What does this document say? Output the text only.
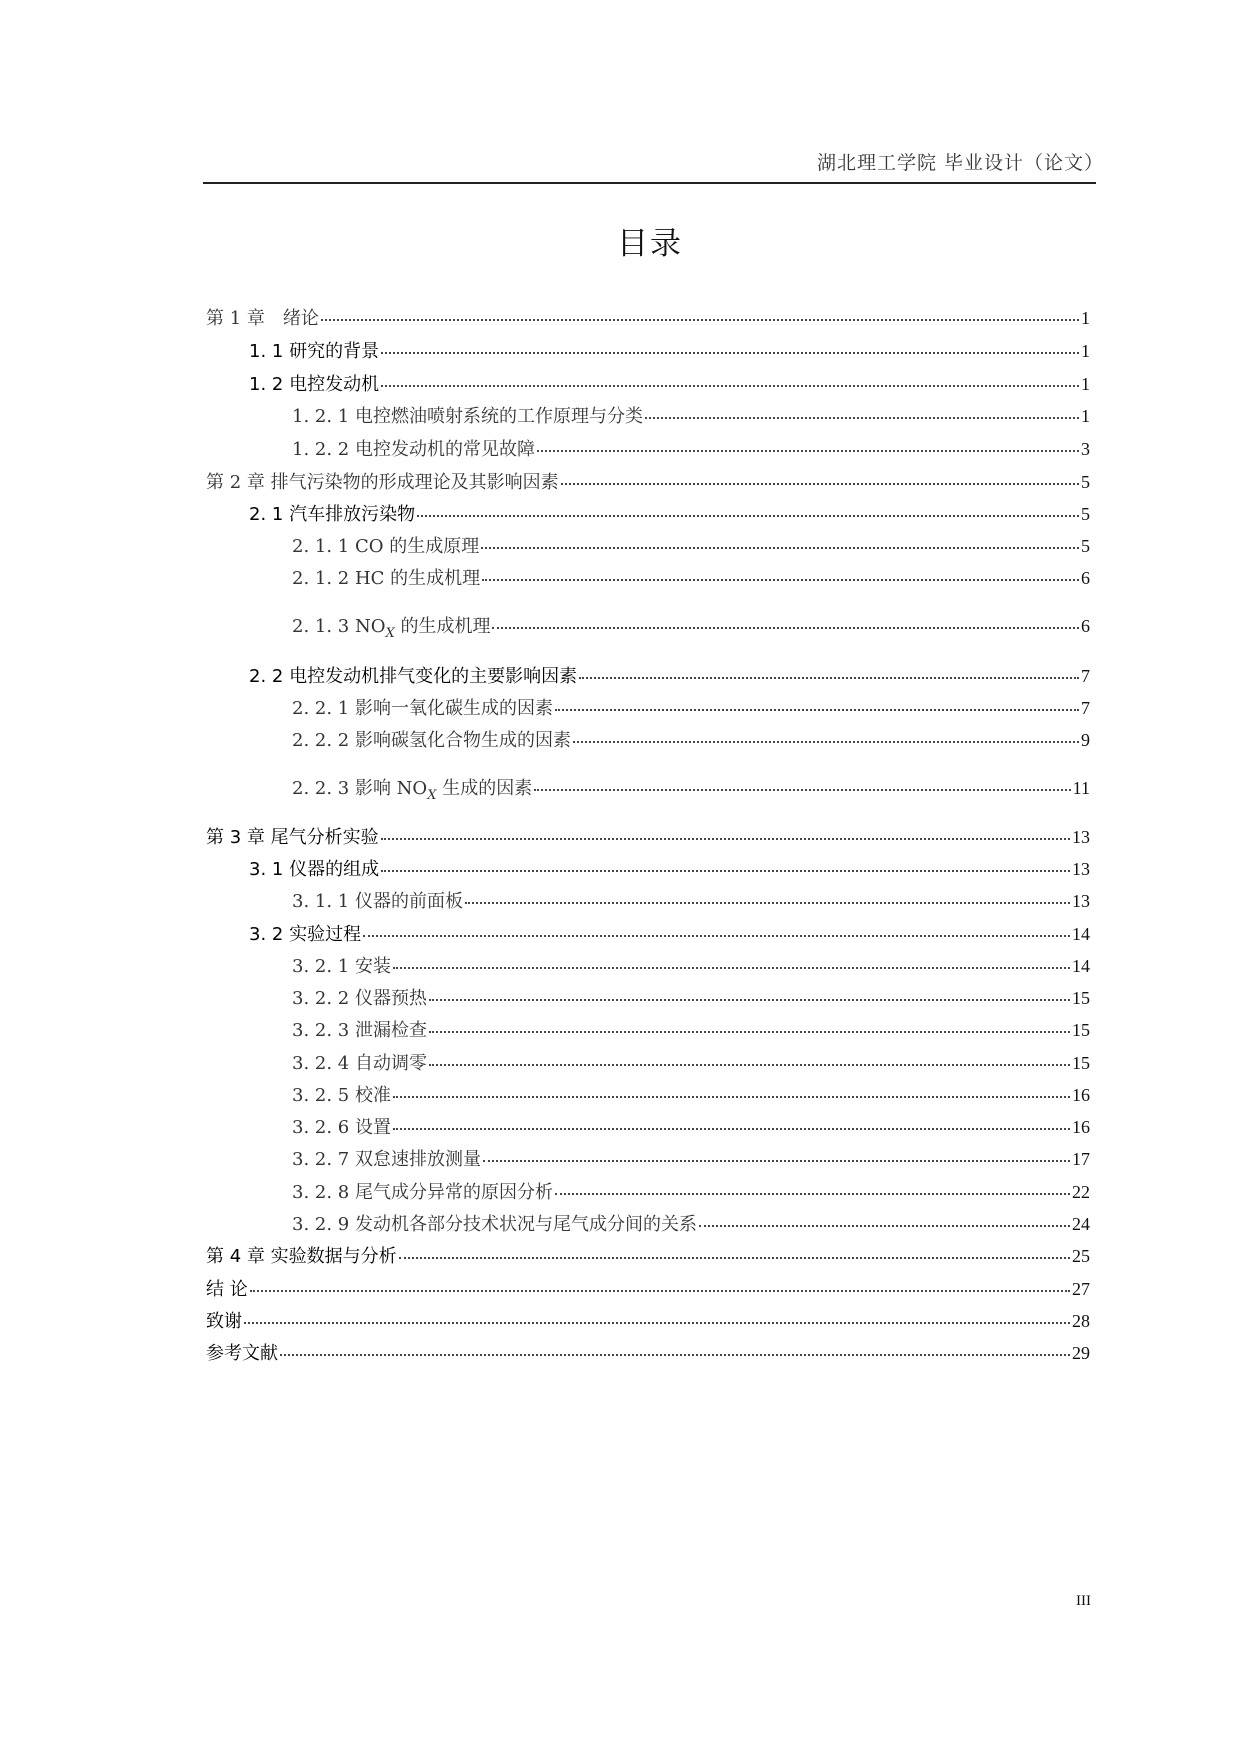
湖北理工学院 毕业设计（论文）
目录
第 1 章　绪论	1
1. 1 研究的背景	1
1. 2 电控发动机	1
1. 2. 1 电控燃油喷射系统的工作原理与分类	1
1. 2. 2 电控发动机的常见故障	3
第 2 章 排气污染物的形成理论及其影响因素	5
2. 1 汽车排放污染物	5
2. 1. 1 CO 的生成原理	5
2. 1. 2 HC 的生成机理	6
2. 1. 3 $NO_X$ 的生成机理	6
2. 2 电控发动机排气变化的主要影响因素	7
2. 2. 1 影响一氧化碳生成的因素	7
2. 2. 2 影响碳氢化合物生成的因素	9
2. 2. 3 影响 $NO_X$ 生成的因素	11
第 3 章 尾气分析实验	13
3. 1 仪器的组成	13
3. 1. 1 仪器的前面板	13
3. 2 实验过程	14
3. 2. 1 安装	14
3. 2. 2 仪器预热	15
3. 2. 3 泄漏检查	15
3. 2. 4 自动调零	15
3. 2. 5 校准	16
3. 2. 6 设置	16
3. 2. 7 双怠速排放测量	17
3. 2. 8 尾气成分异常的原因分析	22
3. 2. 9 发动机各部分技术状况与尾气成分间的关系	24
第 4 章 实验数据与分析	25
结 论	27
致谢	28
参考文献	29
III
